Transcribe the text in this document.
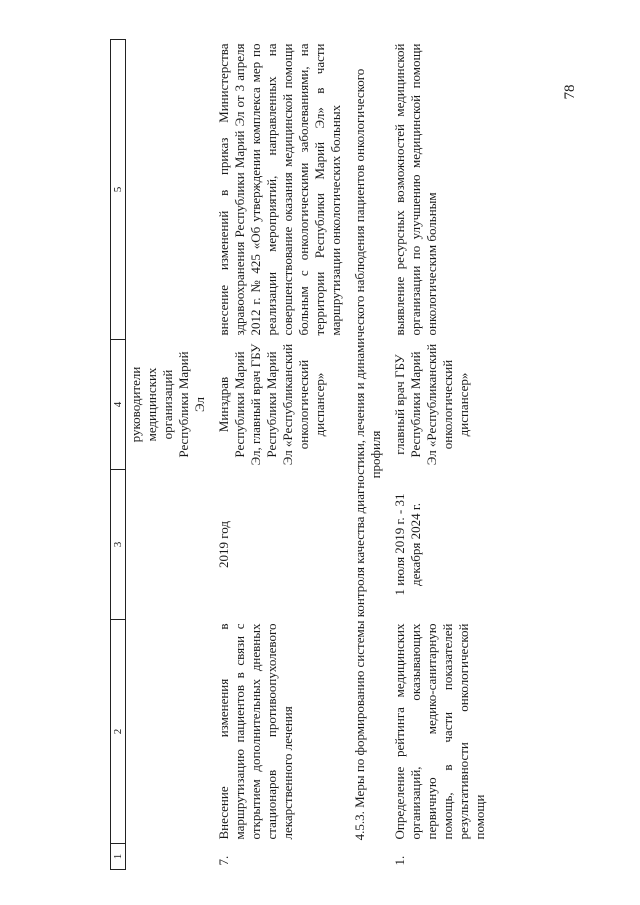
78
1	2	3	4	5
			руководители медицинских организаций Республики Марий Эл	
7.	Внесение изменения в маршрутизацию пациентов в связи с открытием дополнительных дневных стационаров противоопухолевого лекарственного лечения	2019 год	Минздрав Республики Марий Эл, главный врач ГБУ Республики Марий Эл «Республиканский онкологический диспансер»	внесение изменений в приказ Министерства здравоохранения Республики Марий Эл от 3 апреля 2012 г. № 425 «Об утверждении комплекса мер по реализации мероприятий, направленных на совершенствование оказания медицинской помощи больным с онкологическими заболеваниями, на территории Республики Марий Эл» в части маршрутизации онкологических больных
4.5.3. Меры по формированию системы контроля качества диагностики, лечения и динамического наблюдения пациентов онкологического профиля				
1.	Определение рейтинга медицинских организаций, оказывающих первичную медико-санитарную помощь, в части показателей результативности онкологической помощи	1 июля 2019 г. - 31 декабря 2024 г.	главный врач ГБУ Республики Марий Эл «Республиканский онкологический диспансер»	выявление ресурсных возможностей медицинской организации по улучшению медицинской помощи онкологическим больным
